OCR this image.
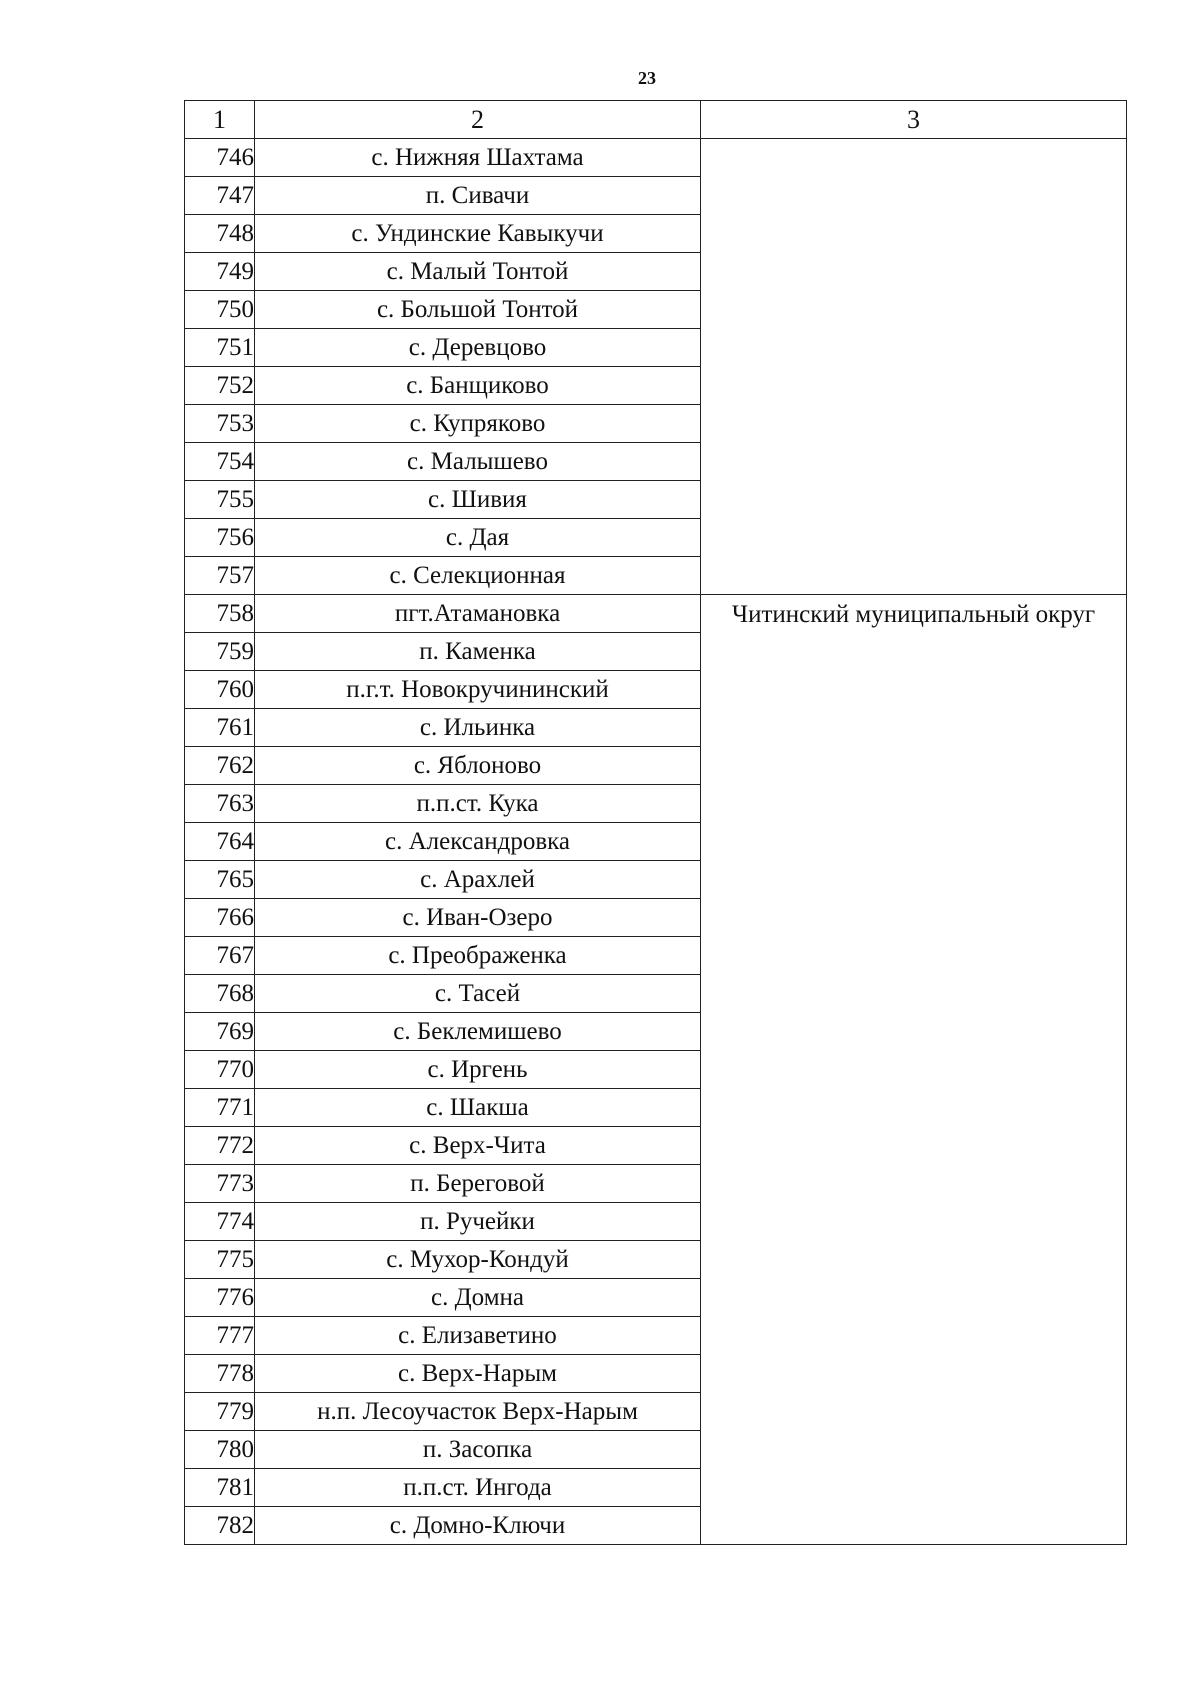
23
1	2	3
746	с. Нижняя Шахтама	
747	п. Сивачи	
748	с. Ундинские Кавыкучи	
749	с. Малый Тонтой	
750	с. Большой Тонтой	
751	с. Деревцово	
752	с. Банщиково	
753	с. Купряково	
754	с. Малышево	
755	с. Шивия	
756	с. Дая	
757	с. Селекционная	
758	пгт.Атамановка	Читинский муниципальный округ
759	п. Каменка	
760	п.г.т. Новокручининский	
761	с. Ильинка	
762	с. Яблоново	
763	п.п.ст. Кука	
764	с. Александровка	
765	с. Арахлей	
766	с. Иван-Озеро	
767	с. Преображенка	
768	с. Тасей	
769	с. Беклемишево	
770	с. Иргень	
771	с. Шакша	
772	с. Верх-Чита	
773	п. Береговой	
774	п. Ручейки	
775	с. Мухор-Кондуй	
776	с. Домна	
777	с. Елизаветино	
778	с. Верх-Нарым	
779	н.п. Лесоучасток Верх-Нарым	
780	п. Засопка	
781	п.п.ст. Ингода	
782	с. Домно-Ключи	
